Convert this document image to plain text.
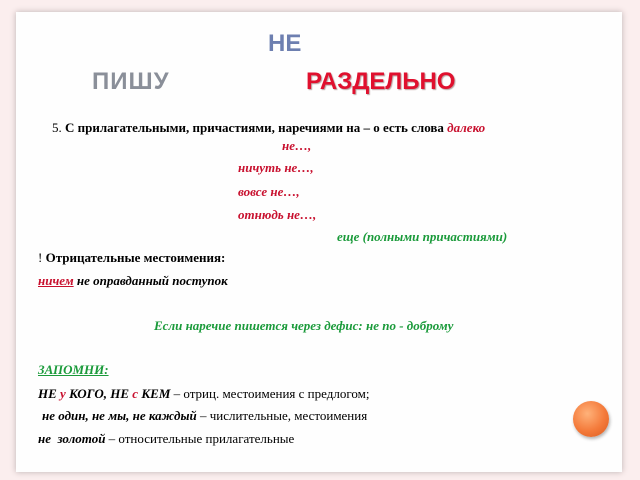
НЕ
ПИШУ	РАЗДЕЛЬНО
5. С прилагательными, причастиями, наречиями на – о есть слова далеко
не…,
ничуть не…,
вовсе не…,
отнюдь не…,
еще (полными причастиями)
! Отрицательные местоимения:
ничем не оправданный поступок
Если наречие пишется через дефис: не по - доброму
ЗАПОМНИ:
НЕ у КОГО, НЕ с КЕМ – отриц. местоимения с предлогом;
не один, не мы, не каждый – числительные, местоимения
не золотой – относительные прилагательные
